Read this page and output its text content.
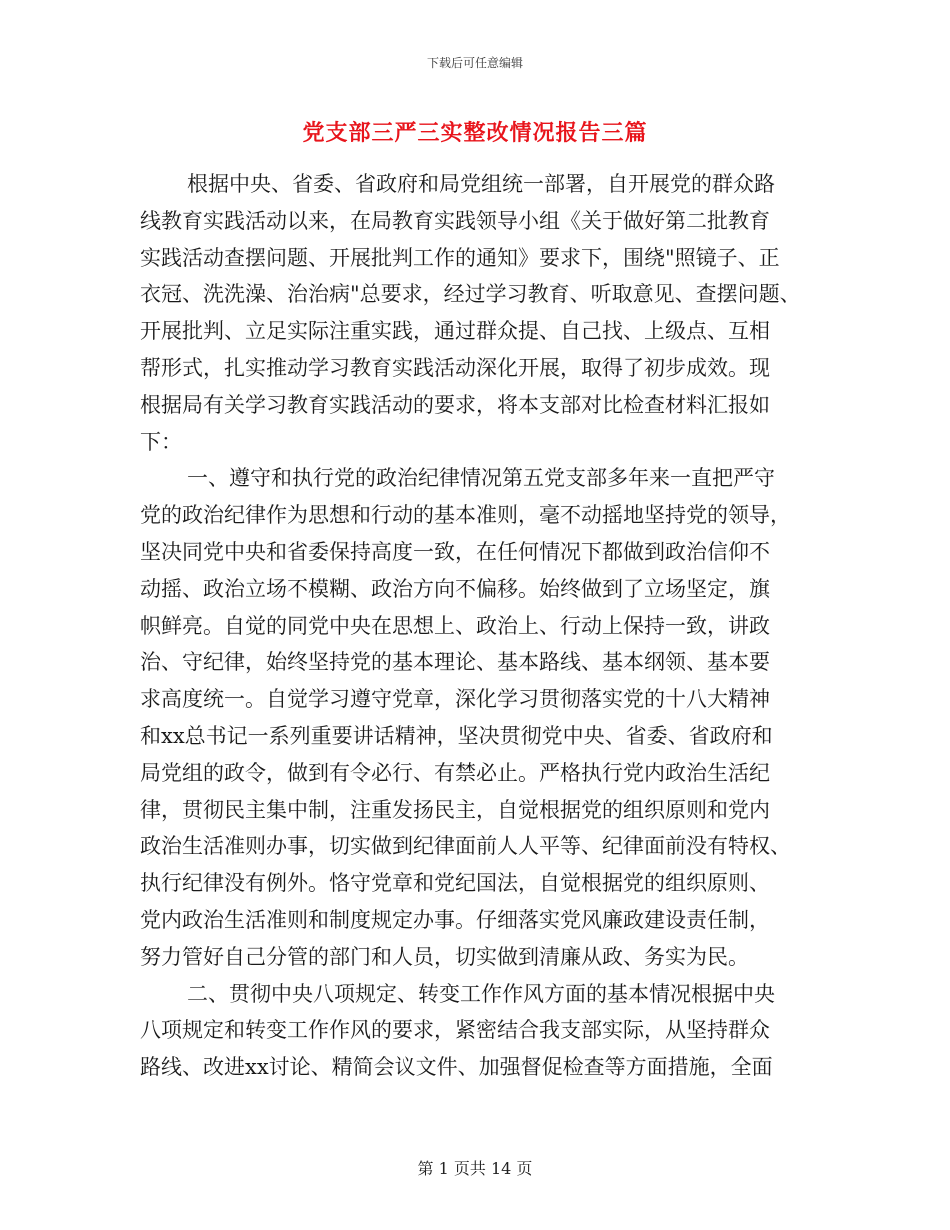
下载后可任意编辑
党支部三严三实整改情况报告三篇

根据中央、省委、省政府和局党组统一部署，自开展党的群众路

线教育实践活动以来，在局教育实践领导小组《关于做好第二批教育

实践活动查摆问题、开展批判工作的通知》要求下，围绕"照镜子、正

衣冠、洗洗澡、治治病"总要求，经过学习教育、听取意见、查摆问题、

开展批判、立足实际注重实践，通过群众提、自己找、上级点、互相

帮形式，扎实推动学习教育实践活动深化开展，取得了初步成效。现

根据局有关学习教育实践活动的要求，将本支部对比检查材料汇报如

下：

一、遵守和执行党的政治纪律情况第五党支部多年来一直把严守

党的政治纪律作为思想和行动的基本准则，毫不动摇地坚持党的领导，

坚决同党中央和省委保持高度一致，在任何情况下都做到政治信仰不

动摇、政治立场不模糊、政治方向不偏移。始终做到了立场坚定，旗

帜鲜亮。自觉的同党中央在思想上、政治上、行动上保持一致，讲政

治、守纪律，始终坚持党的基本理论、基本路线、基本纲领、基本要

求高度统一。自觉学习遵守党章，深化学习贯彻落实党的十八大精神

和xx总书记一系列重要讲话精神，坚决贯彻党中央、省委、省政府和

局党组的政令，做到有令必行、有禁必止。严格执行党内政治生活纪

律，贯彻民主集中制，注重发扬民主，自觉根据党的组织原则和党内

政治生活准则办事，切实做到纪律面前人人平等、纪律面前没有特权、

执行纪律没有例外。恪守党章和党纪国法，自觉根据党的组织原则、

党内政治生活准则和制度规定办事。仔细落实党风廉政建设责任制，

努力管好自己分管的部门和人员，切实做到清廉从政、务实为民。

二、贯彻中央八项规定、转变工作作风方面的基本情况根据中央

八项规定和转变工作作风的要求，紧密结合我支部实际，从坚持群众

路线、改进xx讨论、精简会议文件、加强督促检查等方面措施，全面

第 1 页共 14 页
